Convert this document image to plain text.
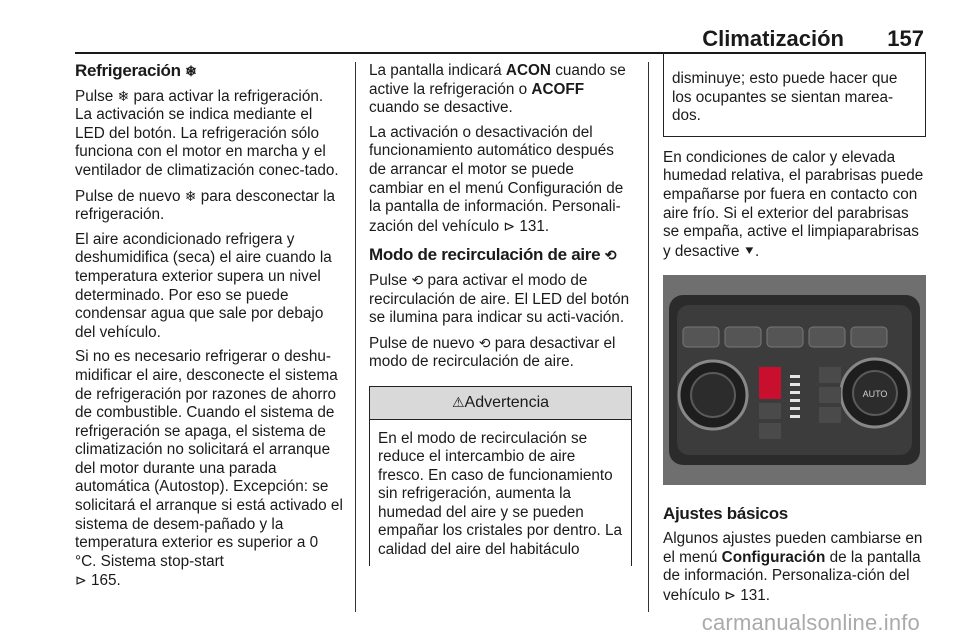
Climatización 157
Refrigeración ❄

Pulse ❄ para activar la refrigeración. La activación se indica mediante el LED del botón. La refrigeración sólo funciona con el motor en marcha y el ventilador de climatización conec-tado.

Pulse de nuevo ❄ para desconectar la refrigeración.

El aire acondicionado refrigera y deshumidifica (seca) el aire cuando la temperatura exterior supera un nivel determinado. Por eso se puede condensar agua que sale por debajo del vehículo.

Si no es necesario refrigerar o deshu-midificar el aire, desconecte el sistema de refrigeración por razones de ahorro de combustible. Cuando el sistema de refrigeración se apaga, el sistema de climatización no solicitará el arranque del motor durante una parada automática (Autostop). Excepción: se solicitará el arranque si está activado el sistema de desem-pañado y la temperatura exterior es superior a 0 °C. Sistema stop-start
⊳ 165.

La pantalla indicará ACON cuando se active la refrigeración o ACOFF cuando se desactive.

La activación o desactivación del funcionamiento automático después de arrancar el motor se puede cambiar en el menú Configuración de la pantalla de información. Personali-zación del vehículo ⊳ 131.

Modo de recirculación de aire ⟲

Pulse ⟲ para activar el modo de recirculación de aire. El LED del botón se ilumina para indicar su acti-vación.

Pulse de nuevo ⟲ para desactivar el modo de recirculación de aire.

⚠Advertencia
En el modo de recirculación se reduce el intercambio de aire fresco. En caso de funcionamiento sin refrigeración, aumenta la humedad del aire y se pueden empañar los cristales por dentro. La calidad del aire del habitáculo
disminuye; esto puede hacer que los ocupantes se sientan marea-dos.

En condiciones de calor y elevada humedad relativa, el parabrisas puede empañarse por fuera en contacto con aire frío. Si el exterior del parabrisas se empaña, active el limpiaparabrisas y desactive ⯆.

AUTO
Ajustes básicos

Algunos ajustes pueden cambiarse en el menú Configuración de la pantalla de información. Personaliza-ción del vehículo ⊳ 131.

carmanualsonline.info
